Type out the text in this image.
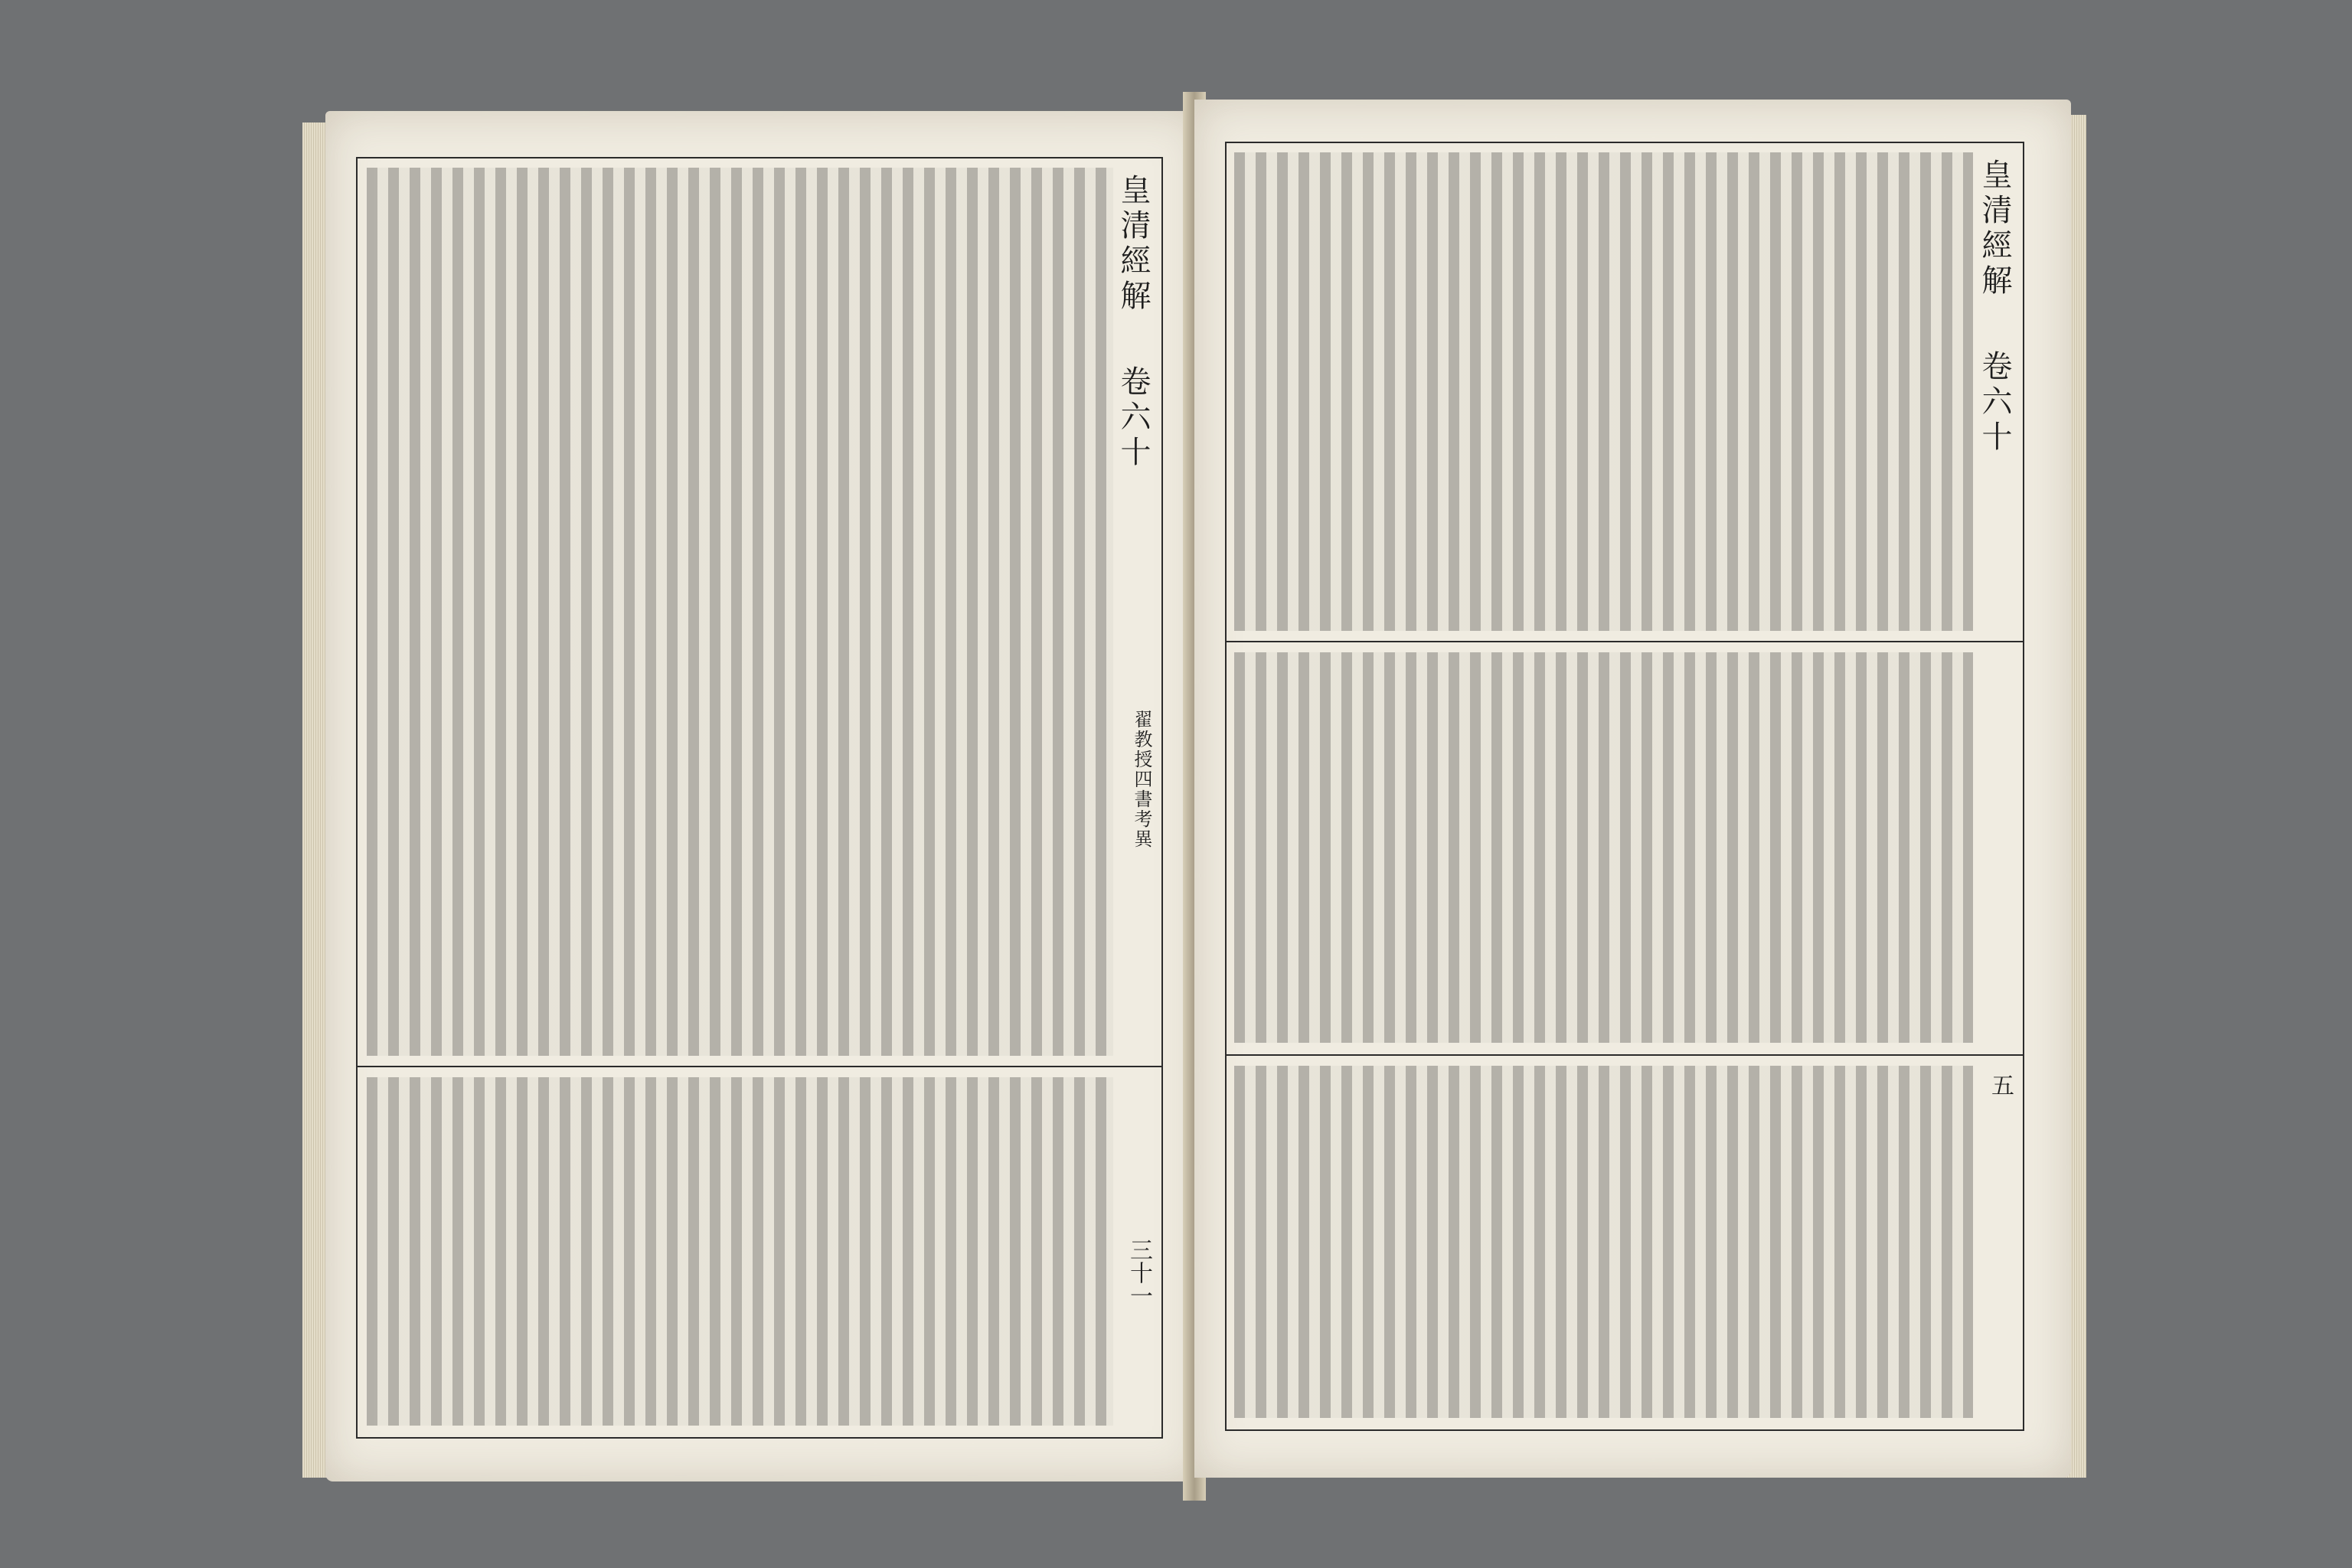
皇清經解
卷六十
翟教授四書考異
三十一
皇清經解
卷六十
五
